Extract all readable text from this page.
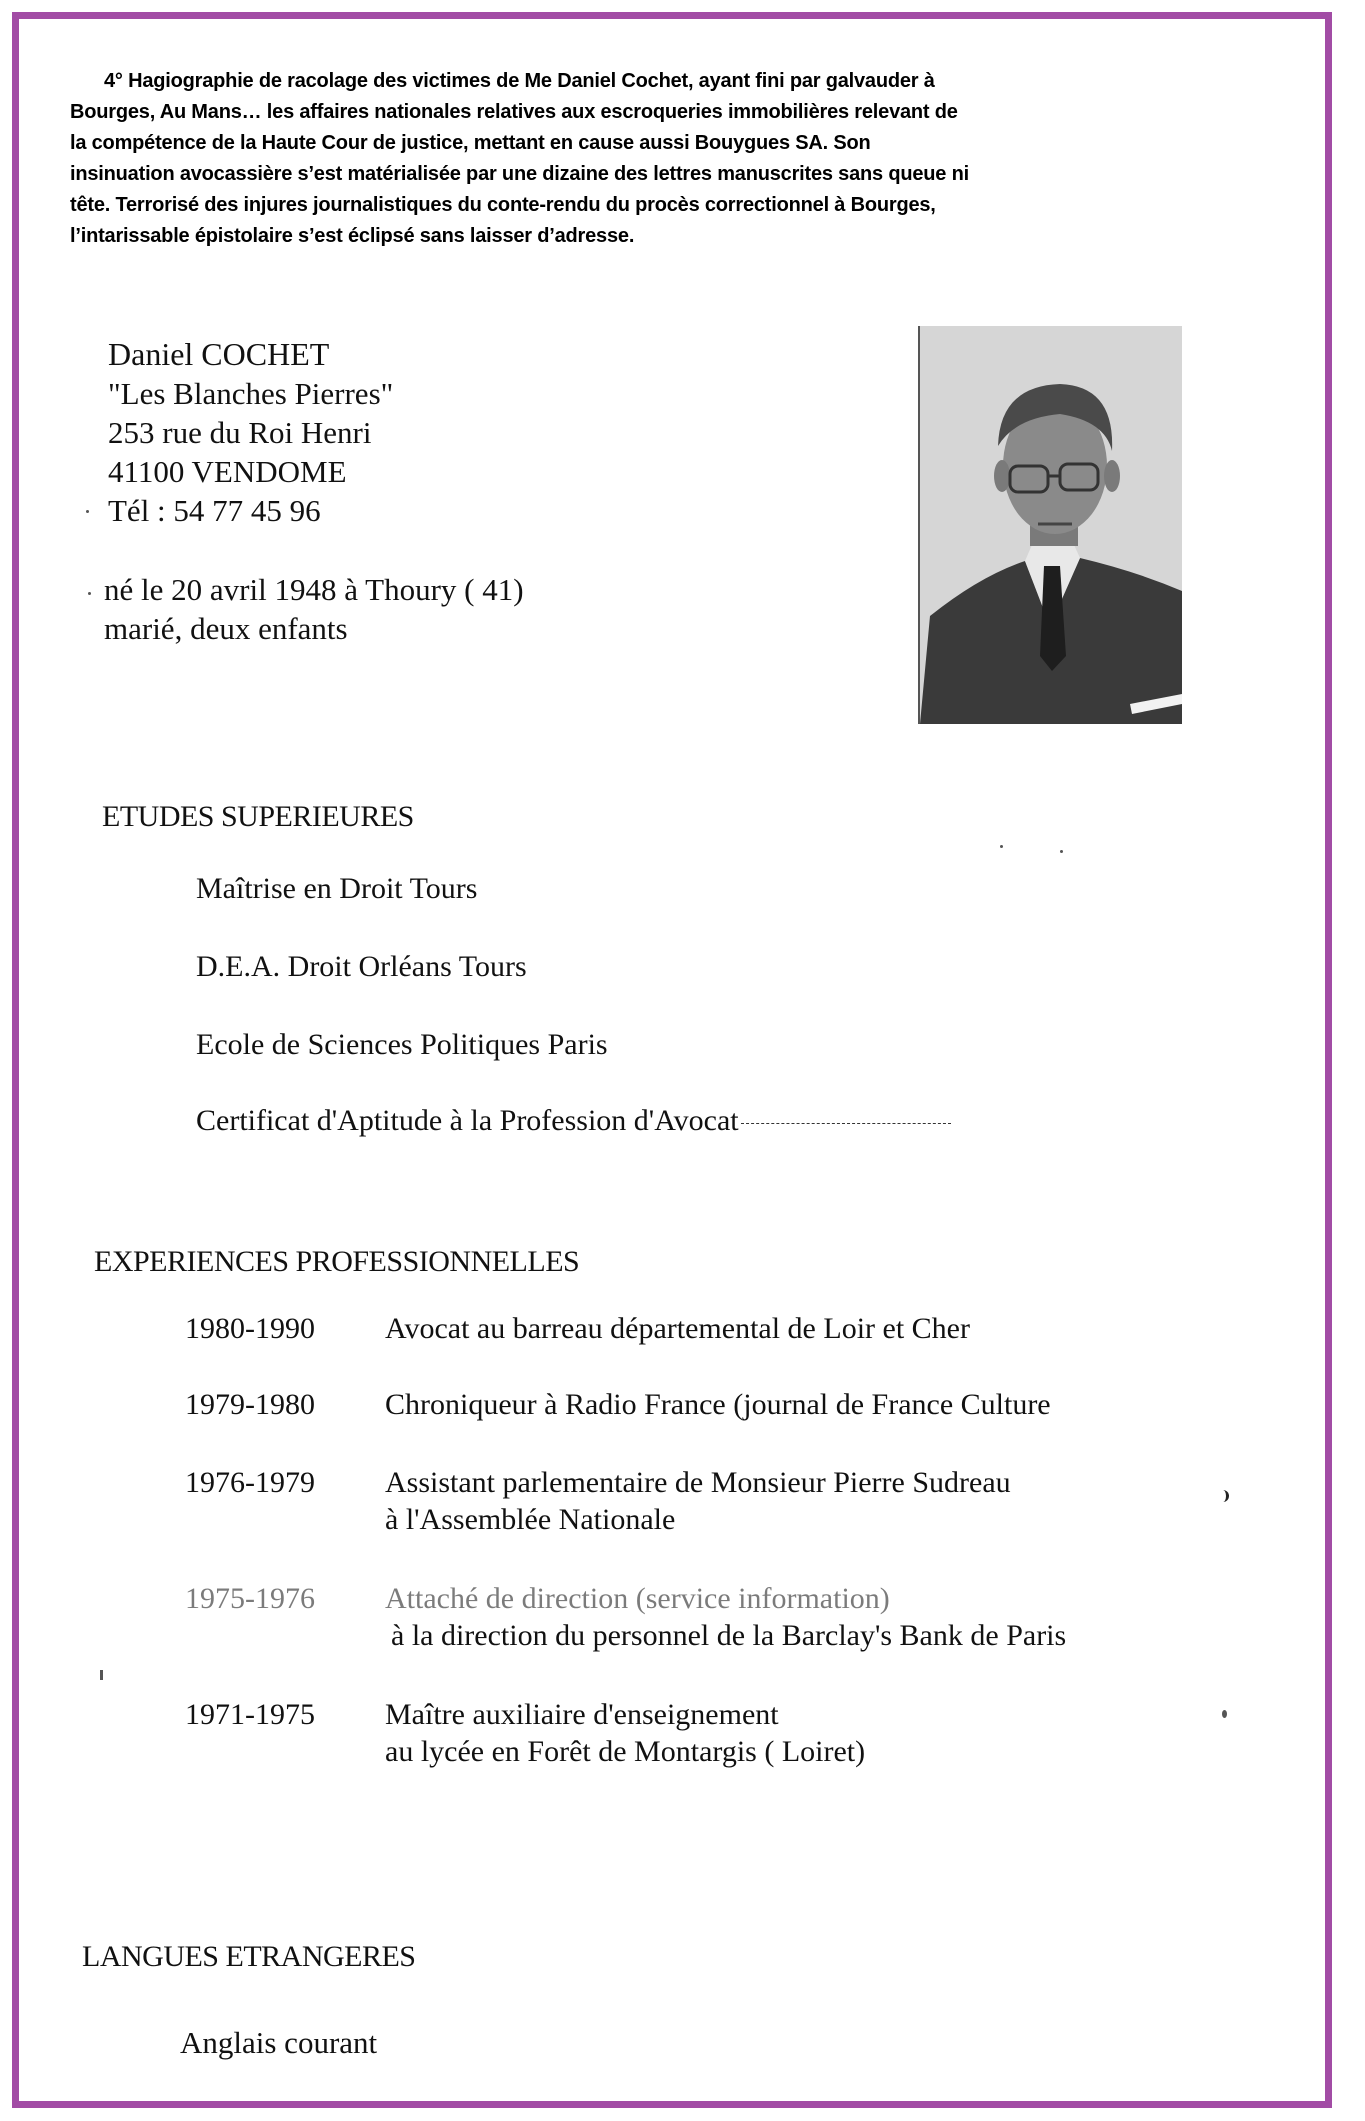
4° Hagiographie de racolage des victimes de Me Daniel Cochet, ayant fini par galvauder à
Bourges, Au Mans… les affaires nationales relatives aux escroqueries immobilières relevant de
la compétence de la Haute Cour de justice, mettant en cause aussi Bouygues SA. Son
insinuation avocassière s’est matérialisée par une dizaine des lettres manuscrites sans queue ni
tête. Terrorisé des injures journalistiques du conte-rendu du procès correctionnel à Bourges,
l’intarissable épistolaire s’est éclipsé sans laisser d’adresse.
Daniel COCHET
"Les Blanches Pierres"
253 rue du Roi Henri
41100 VENDOME
Tél : 54 77 45 96
né le 20 avril 1948 à Thoury ( 41)
marié, deux enfants
ETUDES SUPERIEURES
Maîtrise en Droit Tours
D.E.A. Droit Orléans Tours
Ecole de Sciences Politiques Paris
Certificat d'Aptitude à la Profession d'Avocat
EXPERIENCES PROFESSIONNELLES
1980-1990	Avocat au barreau départemental de Loir et Cher
1979-1980	Chroniqueur à Radio France (journal de France Culture
1976-1979	Assistant parlementaire de Monsieur Pierre Sudreau
à l'Assemblée Nationale
1975-1976	Attaché de direction (service information)
à la direction du personnel de la Barclay's Bank de Paris
1971-1975	Maître auxiliaire d'enseignement
au lycée en Forêt de Montargis ( Loiret)
LANGUES ETRANGERES
Anglais courant
